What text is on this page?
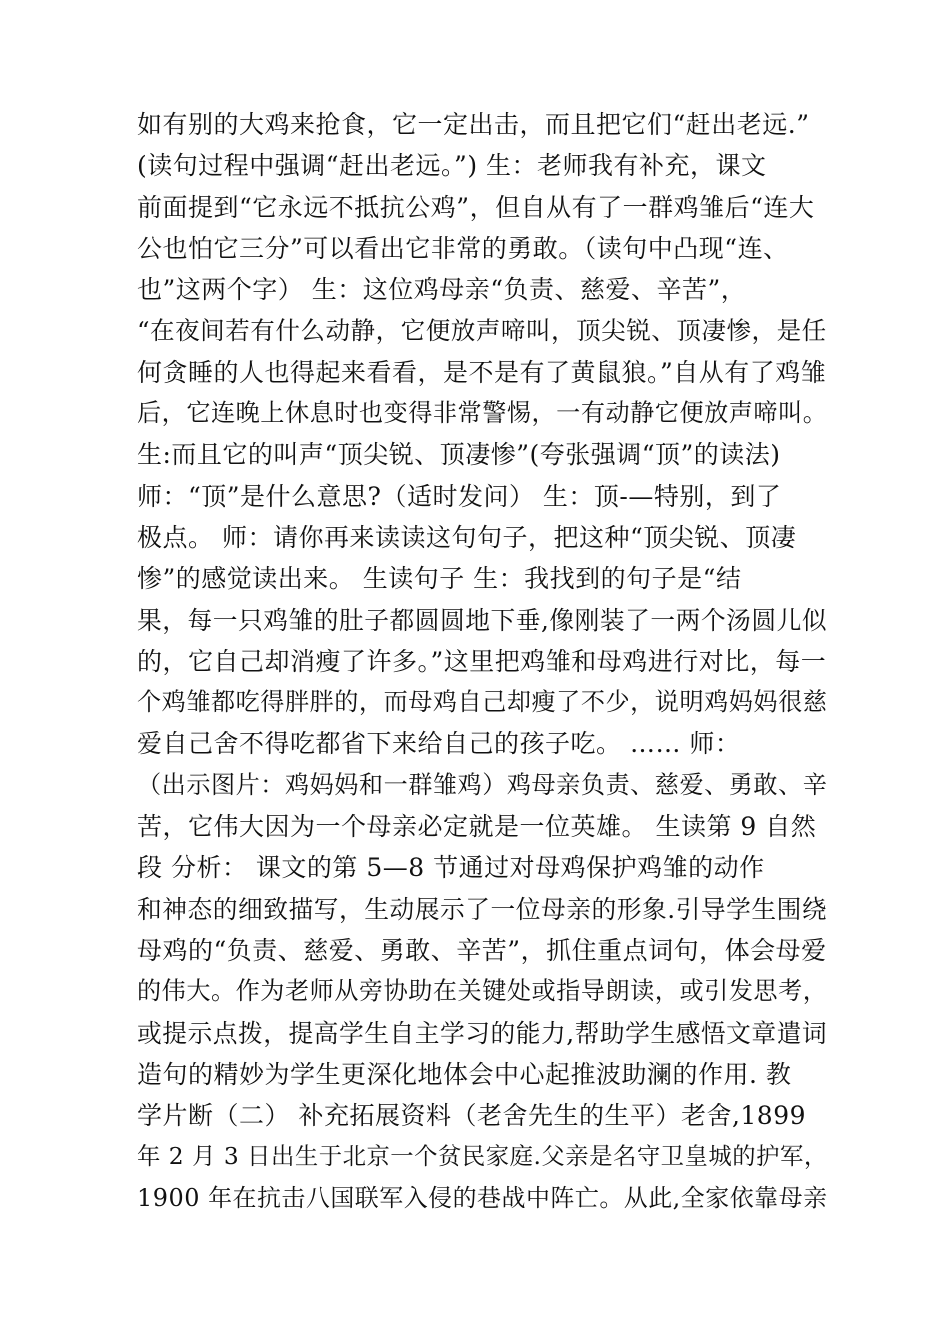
如有别的大鸡来抢食，它一定出击，而且把它们“赶出老远.”
(读句过程中强调“赶出老远。”) 生：老师我有补充，课文
前面提到“它永远不抵抗公鸡”，但自从有了一群鸡雏后“连大
公也怕它三分”可以看出它非常的勇敢。（读句中凸现“连、
也”这两个字） 生：这位鸡母亲“负责、慈爱、辛苦”，
“在夜间若有什么动静，它便放声啼叫，顶尖锐、顶凄惨，是任
何贪睡的人也得起来看看，是不是有了黄鼠狼。”自从有了鸡雏
后，它连晚上休息时也变得非常警惕，一有动静它便放声啼叫。
生:而且它的叫声“顶尖锐、顶凄惨”(夸张强调“顶”的读法)
师：“顶”是什么意思?（适时发问） 生：顶-—特别，到了
极点。 师：请你再来读读这句句子，把这种“顶尖锐、顶凄
惨”的感觉读出来。 生读句子 生：我找到的句子是“结
果，每一只鸡雏的肚子都圆圆地下垂,像刚装了一两个汤圆儿似
的，它自己却消瘦了许多。”这里把鸡雏和母鸡进行对比，每一
个鸡雏都吃得胖胖的，而母鸡自己却瘦了不少，说明鸡妈妈很慈
爱自己舍不得吃都省下来给自己的孩子吃。 …… 师：
（出示图片：鸡妈妈和一群雏鸡）鸡母亲负责、慈爱、勇敢、辛
苦，它伟大因为一个母亲必定就是一位英雄。 生读第 9 自然
段 分析： 课文的第 5—8 节通过对母鸡保护鸡雏的动作
和神态的细致描写，生动展示了一位母亲的形象.引导学生围绕
母鸡的“负责、慈爱、勇敢、辛苦”，抓住重点词句，体会母爱
的伟大。作为老师从旁协助在关键处或指导朗读，或引发思考，
或提示点拨，提高学生自主学习的能力,帮助学生感悟文章遣词
造句的精妙为学生更深化地体会中心起推波助澜的作用. 教
学片断（二） 补充拓展资料（老舍先生的生平）老舍,1899
年 2 月 3 日出生于北京一个贫民家庭.父亲是名守卫皇城的护军，
1900 年在抗击八国联军入侵的巷战中阵亡。从此,全家依靠母亲
